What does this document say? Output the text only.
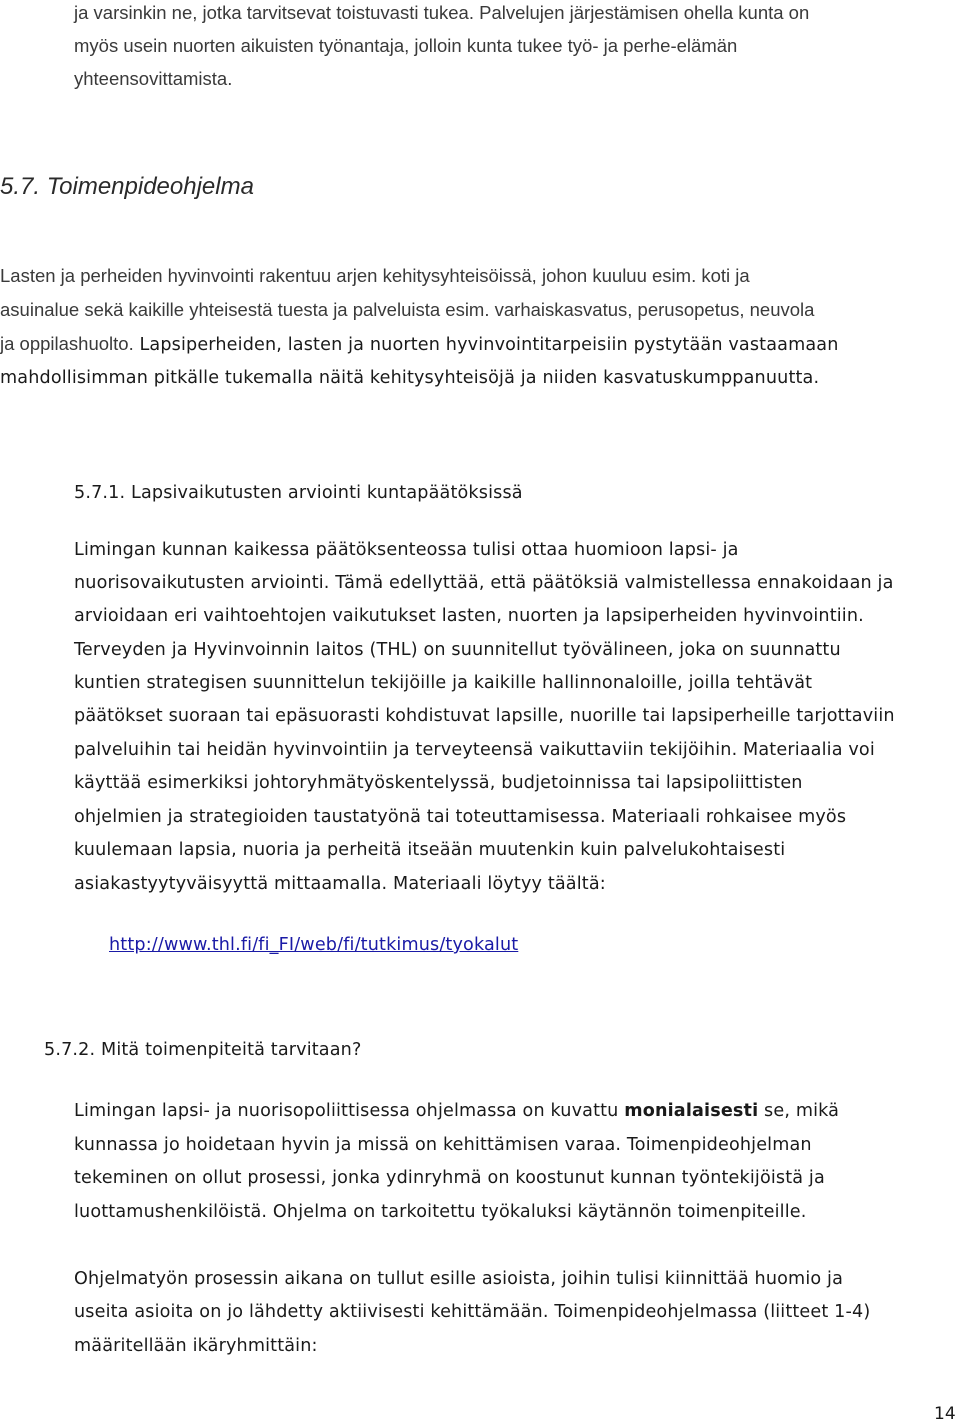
ja varsinkin ne, jotka tarvitsevat toistuvasti tukea. Palvelujen järjestämisen ohella kunta on
myös usein nuorten aikuisten työnantaja, jolloin kunta tukee työ- ja perhe-elämän
yhteensovittamista.
5.7. Toimenpideohjelma
Lasten ja perheiden hyvinvointi rakentuu arjen kehitysyhteisöissä, johon kuuluu esim. koti ja
asuinalue sekä kaikille yhteisestä tuesta ja palveluista esim. varhaiskasvatus, perusopetus, neuvola
ja oppilashuolto. Lapsiperheiden, lasten ja nuorten hyvinvointitarpeisiin pystytään vastaamaan
mahdollisimman pitkälle tukemalla näitä kehitysyhteisöjä ja niiden kasvatuskumppanuutta.
5.7.1. Lapsivaikutusten arviointi kuntapäätöksissä
Limingan kunnan kaikessa päätöksenteossa tulisi ottaa huomioon lapsi- ja
nuorisovaikutusten arviointi. Tämä edellyttää, että päätöksiä valmistellessa ennakoidaan ja
arvioidaan eri vaihtoehtojen vaikutukset lasten, nuorten ja lapsiperheiden hyvinvointiin.
Terveyden ja Hyvinvoinnin laitos (THL) on suunnitellut työvälineen, joka on suunnattu
kuntien strategisen suunnittelun tekijöille ja kaikille hallinnonaloille, joilla tehtävät
päätökset suoraan tai epäsuorasti kohdistuvat lapsille, nuorille tai lapsiperheille tarjottaviin
palveluihin tai heidän hyvinvointiin ja terveyteensä vaikuttaviin tekijöihin. Materiaalia voi
käyttää esimerkiksi johtoryhmätyöskentelyssä, budjetoinnissa tai lapsipoliittisten
ohjelmien ja strategioiden taustatyönä tai toteuttamisessa. Materiaali rohkaisee myös
kuulemaan lapsia, nuoria ja perheitä itseään muutenkin kuin palvelukohtaisesti
asiakastyytyväisyyttä mittaamalla. Materiaali löytyy täältä:
http://www.thl.fi/fi_FI/web/fi/tutkimus/tyokalut
5.7.2. Mitä toimenpiteitä tarvitaan?
Limingan lapsi- ja nuorisopoliittisessa ohjelmassa on kuvattu monialaisesti se, mikä
kunnassa jo hoidetaan hyvin ja missä on kehittämisen varaa. Toimenpideohjelman
tekeminen on ollut prosessi, jonka ydinryhmä on koostunut kunnan työntekijöistä ja
luottamushenkilöistä. Ohjelma on tarkoitettu työkaluksi käytännön toimenpiteille.
Ohjelmatyön prosessin aikana on tullut esille asioista, joihin tulisi kiinnittää huomio ja
useita asioita on jo lähdetty aktiivisesti kehittämään. Toimenpideohjelmassa (liitteet 1-4)
määritellään ikäryhmittäin:
14
